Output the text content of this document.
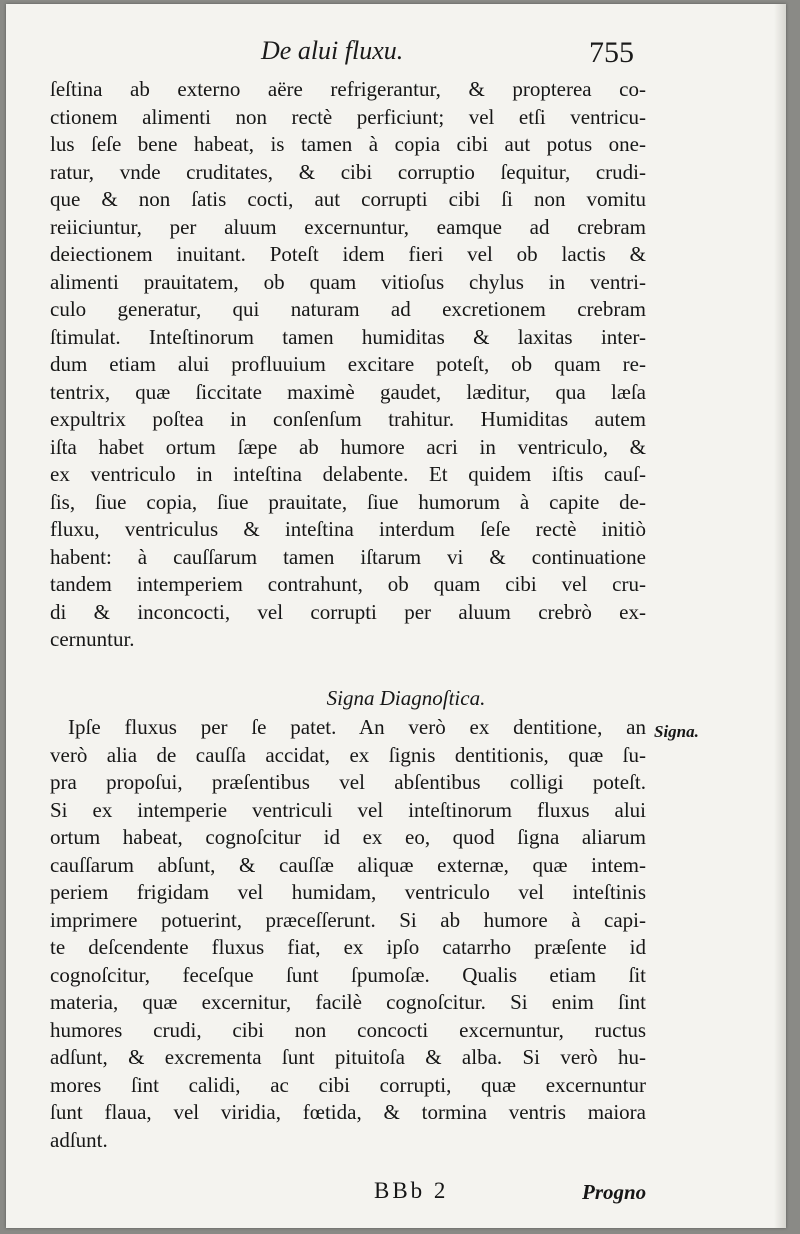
De alui fluxu.	755
ſeſtina ab externo aëre refrigerantur, & propterea co-
ctionem alimenti non rectè perficiunt; vel etſi ventricu-
lus ſeſe bene habeat, is tamen à copia cibi aut potus one-
ratur, vnde cruditates, & cibi corruptio ſequitur, crudi-
que & non ſatis cocti, aut corrupti cibi ſi non vomitu
reiiciuntur, per aluum excernuntur, eamque ad crebram
deiectionem inuitant. Poteſt idem fieri vel ob lactis &
alimenti prauitatem, ob quam vitioſus chylus in ventri-
culo generatur, qui naturam ad excretionem crebram
ſtimulat. Inteſtinorum tamen humiditas & laxitas inter-
dum etiam alui profluuium excitare poteſt, ob quam re-
tentrix, quæ ſiccitate maximè gaudet, læditur, qua læſa
expultrix poſtea in conſenſum trahitur. Humiditas autem
iſta habet ortum ſæpe ab humore acri in ventriculo, &
ex ventriculo in inteſtina delabente. Et quidem iſtis cauſ-
ſis, ſiue copia, ſiue prauitate, ſiue humorum à capite de-
fluxu, ventriculus & inteſtina interdum ſeſe rectè initiò
habent: à cauſſarum tamen iſtarum vi & continuatione
tandem intemperiem contrahunt, ob quam cibi vel cru-
di & inconcocti, vel corrupti per aluum crebrò ex-
cernuntur.
Signa Diagnoſtica.
Signa.
Ipſe fluxus per ſe patet. An verò ex dentitione, an
verò alia de cauſſa accidat, ex ſignis dentitionis, quæ ſu-
pra propoſui, præſentibus vel abſentibus colligi poteſt.
Si ex intemperie ventriculi vel inteſtinorum fluxus alui
ortum habeat, cognoſcitur id ex eo, quod ſigna aliarum
cauſſarum abſunt, & cauſſæ aliquæ externæ, quæ intem-
periem frigidam vel humidam, ventriculo vel inteſtinis
imprimere potuerint, præceſſerunt. Si ab humore à capi-
te deſcendente fluxus fiat, ex ipſo catarrho præſente id
cognoſcitur, feceſque ſunt ſpumoſæ. Qualis etiam ſit
materia, quæ excernitur, facilè cognoſcitur. Si enim ſint
humores crudi, cibi non concocti excernuntur, ructus
adſunt, & excrementa ſunt pituitoſa & alba. Si verò hu-
mores ſint calidi, ac cibi corrupti, quæ excernuntur
ſunt flaua, vel viridia, fœtida, & tormina ventris maiora
adſunt.
BBb 2	Progno
